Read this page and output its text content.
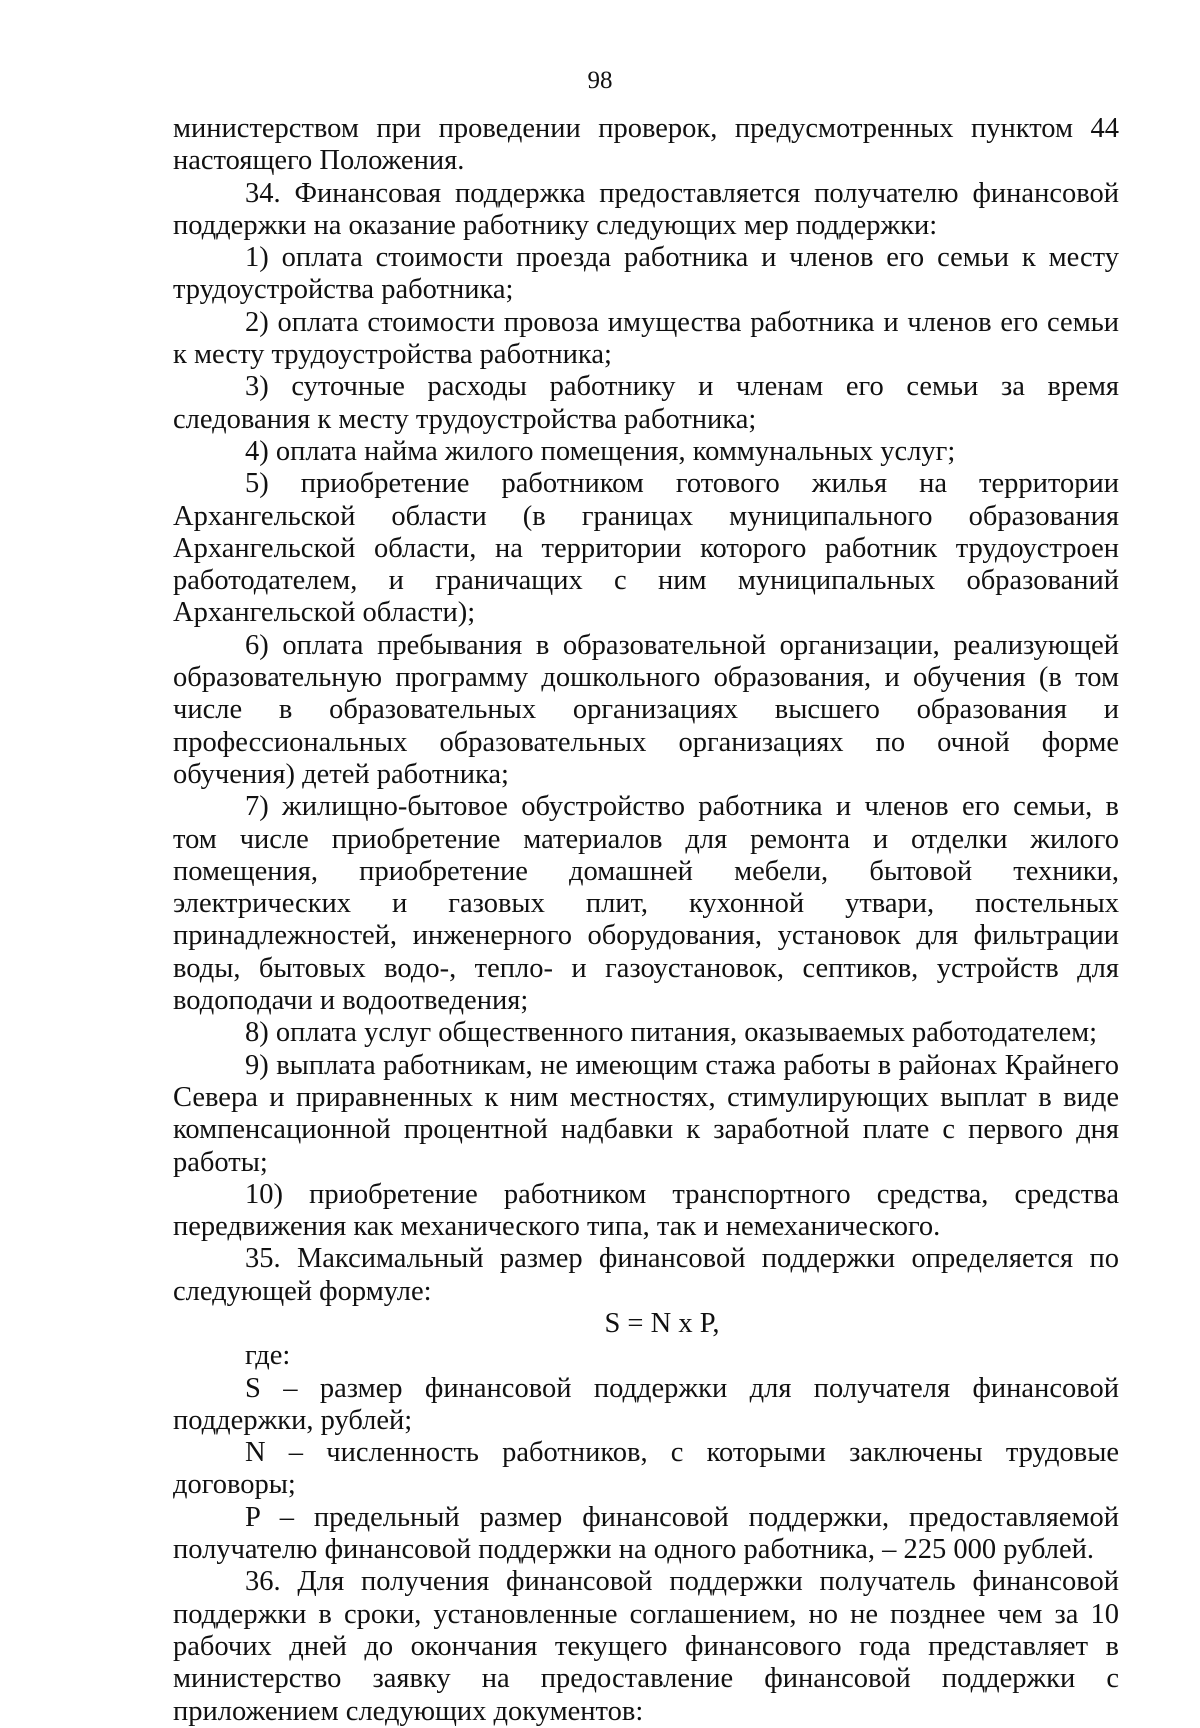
98

министерством при проведении проверок, предусмотренных пунктом 44 настоящего Положения.

34. Финансовая поддержка предоставляется получателю финансовой поддержки на оказание работнику следующих мер поддержки:

1) оплата стоимости проезда работника и членов его семьи к месту трудоустройства работника;

2) оплата стоимости провоза имущества работника и членов его семьи к месту трудоустройства работника;

3) суточные расходы работнику и членам его семьи за время следования к месту трудоустройства работника;

4) оплата найма жилого помещения, коммунальных услуг;

5) приобретение работником готового жилья на территории Архангельской области (в границах муниципального образования Архангельской области, на территории которого работник трудоустроен работодателем, и граничащих с ним муниципальных образований Архангельской области);

6) оплата пребывания в образовательной организации, реализующей образовательную программу дошкольного образования, и обучения (в том числе в образовательных организациях высшего образования и профессиональных образовательных организациях по очной форме обучения) детей работника;

7) жилищно-бытовое обустройство работника и членов его семьи, в том числе приобретение материалов для ремонта и отделки жилого помещения, приобретение домашней мебели, бытовой техники, электрических и газовых плит, кухонной утвари, постельных принадлежностей, инженерного оборудования, установок для фильтрации воды, бытовых водо-, тепло- и газоустановок, септиков, устройств для водоподачи и водоотведения;

8) оплата услуг общественного питания, оказываемых работодателем;

9) выплата работникам, не имеющим стажа работы в районах Крайнего Севера и приравненных к ним местностях, стимулирующих выплат в виде компенсационной процентной надбавки к заработной плате с первого дня работы;

10) приобретение работником транспортного средства, средства передвижения как механического типа, так и немеханического.

35. Максимальный размер финансовой поддержки определяется по следующей формуле:

S = N x P,

где:

S – размер финансовой поддержки для получателя финансовой поддержки, рублей;

N – численность работников, с которыми заключены трудовые договоры;

P – предельный размер финансовой поддержки, предоставляемой получателю финансовой поддержки на одного работника, – 225 000 рублей.

36. Для получения финансовой поддержки получатель финансовой поддержки в сроки, установленные соглашением, но не позднее чем за 10 рабочих дней до окончания текущего финансового года представляет в министерство заявку на предоставление финансовой поддержки с приложением следующих документов:
